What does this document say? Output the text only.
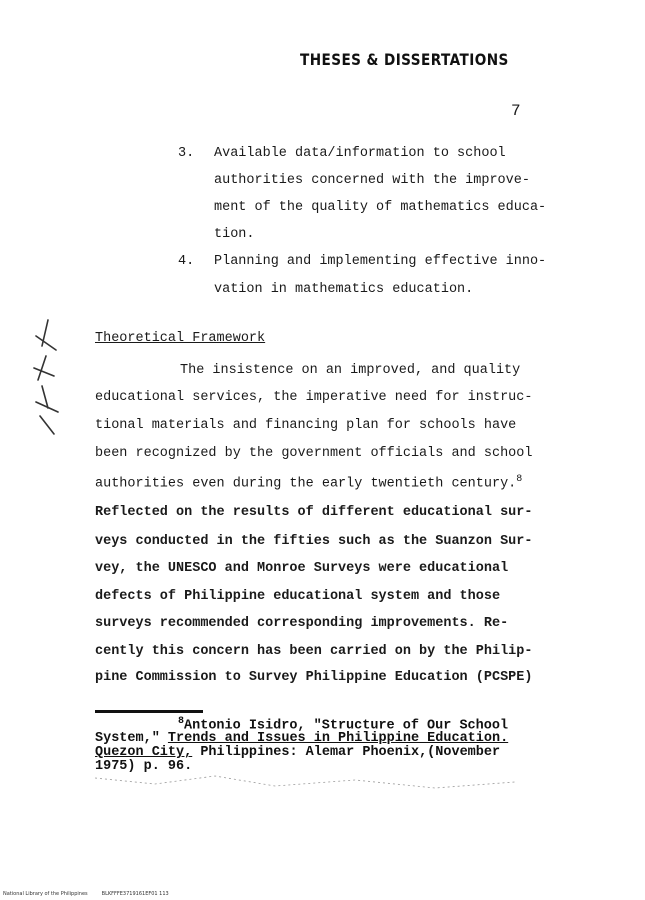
THESES & DISSERTATIONS
7
3. Available data/information to school
authorities concerned with the improve-
ment of the quality of mathematics educa-
tion.
4. Planning and implementing effective inno-
vation in mathematics education.
Theoretical Framework
The insistence on an improved, and quality
educational services, the imperative need for instruc-
tional materials and financing plan for schools have
been recognized by the government officials and school
authorities even during the early twentieth century.$^8$
Reflected on the results of different educational sur-
veys conducted in the fifties such as the Suanzon Sur-
vey, the UNESCO and Monroe Surveys were educational
defects of Philippine educational system and those
surveys recommended corresponding improvements. Re-
cently this concern has been carried on by the Philip-
pine Commission to Survey Philippine Education (PCSPE)
$^8$Antonio Isidro, "Structure of Our School
System," Trends and Issues in Philippine Education.
Quezon City, Philippines: Alemar Phoenix,(November
1975) p. 96.
National Library of the Philippines	BLKFFFE3719161EF01 113
